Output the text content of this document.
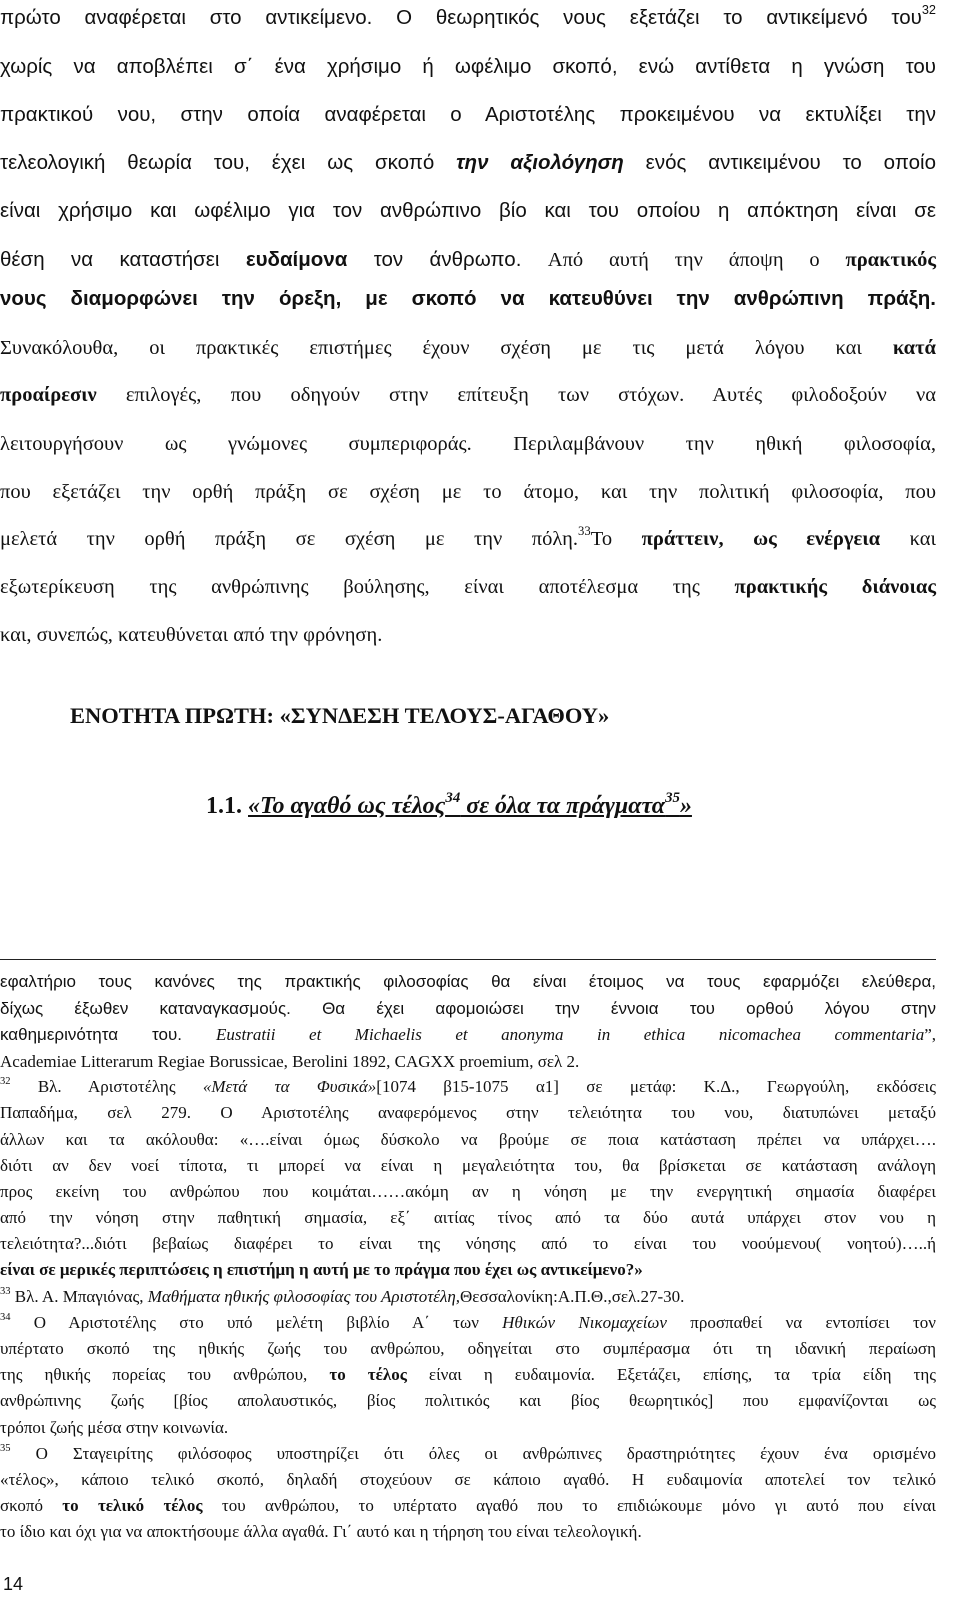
πρώτο αναφέρεται στο αντικείμενο. Ο θεωρητικός νους εξετάζει το αντικείμενό του$^{32}$
χωρίς να αποβλέπει σ΄ ένα χρήσιμο ή ωφέλιμο σκοπό, ενώ αντίθετα η γνώση του
πρακτικού νου, στην οποία αναφέρεται ο Αριστοτέλης προκειμένου να εκτυλίξει την
τελεολογική θεωρία του, έχει ως σκοπό την αξιολόγηση ενός αντικειμένου το οποίο
είναι χρήσιμο και ωφέλιμο για τον ανθρώπινο βίο και του οποίου η απόκτηση είναι σε
θέση να καταστήσει ευδαίμονα τον άνθρωπο. Από αυτή την άποψη ο πρακτικός
νους διαμορφώνει την όρεξη, με σκοπό να κατευθύνει την ανθρώπινη πράξη.
Συνακόλουθα, οι πρακτικές επιστήμες έχουν σχέση με τις μετά λόγου και κατά
προαίρεσιν επιλογές, που οδηγούν στην επίτευξη των στόχων. Αυτές φιλοδοξούν να
λειτουργήσουν ως γνώμονες συμπεριφοράς. Περιλαμβάνουν την ηθική φιλοσοφία,
που εξετάζει την ορθή πράξη σε σχέση με το άτομο, και την πολιτική φιλοσοφία, που
μελετά την ορθή πράξη σε σχέση με την πόλη.$^{33}$Το πράττειν, ως ενέργεια και
εξωτερίκευση της ανθρώπινης βούλησης, είναι αποτέλεσμα της πρακτικής διάνοιας
και, συνεπώς, κατευθύνεται από την φρόνηση.
ΕΝΟΤΗΤΑ ΠΡΩΤΗ: «ΣΥΝΔΕΣΗ ΤΕΛΟΥΣ-ΑΓΑΘΟΥ»
1.1. «Το αγαθό ως τέλος$^{34}$ σε όλα τα πράγματα$^{35}$»
εφαλτήριο τους κανόνες της πρακτικής φιλοσοφίας θα είναι έτοιμος να τους εφαρμόζει ελεύθερα,
δίχως έξωθεν καταναγκασμούς. Θα έχει αφομοιώσει την έννοια του ορθού λόγου στην
καθημερινότητα του. Eustratii et Michaelis et anonyma in ethica nicomachea commentaria”,
Academiae Litterarum Regiae Borussicae, Berolini 1892, CAGXX proemium, σελ 2.
$^{32}$ Βλ. Αριστοτέλης «Μετά τα Φυσικά»[1074 β15-1075 α1] σε μετάφ: Κ.Δ., Γεωργούλη, εκδόσεις
Παπαδήμα, σελ 279. Ο Αριστοτέλης αναφερόμενος στην τελειότητα του νου, διατυπώνει μεταξύ
άλλων και τα ακόλουθα: «….είναι όμως δύσκολο να βρούμε σε ποια κατάσταση πρέπει να υπάρχει….
διότι αν δεν νοεί τίποτα, τι μπορεί να είναι η μεγαλειότητα του, θα βρίσκεται σε κατάσταση ανάλογη
προς εκείνη του ανθρώπου που κοιμάται……ακόμη αν η νόηση με την ενεργητική σημασία διαφέρει
από την νόηση στην παθητική σημασία, εξ΄ αιτίας τίνος από τα δύο αυτά υπάρχει στον νου η
τελειότητα?...διότι βεβαίως διαφέρει το είναι της νόησης από το είναι του νοούμενου( νοητού)…..ή
είναι σε μερικές περιπτώσεις η επιστήμη η αυτή με το πράγμα που έχει ως αντικείμενο?»
$^{33}$ Βλ. Α. Μπαγιόνας, Μαθήματα ηθικής φιλοσοφίας του Αριστοτέλη,Θεσσαλονίκη:Α.Π.Θ.,σελ.27-30.
$^{34}$ Ο Αριστοτέλης στο υπό μελέτη βιβλίο Α΄ των Ηθικών Νικομαχείων προσπαθεί να εντοπίσει τον
υπέρτατο σκοπό της ηθικής ζωής του ανθρώπου, οδηγείται στο συμπέρασμα ότι τη ιδανική περαίωση
της ηθικής πορείας του ανθρώπου, το τέλος είναι η ευδαιμονία. Εξετάζει, επίσης, τα τρία είδη της
ανθρώπινης ζωής [βίος απολαυστικός, βίος πολιτικός και βίος θεωρητικός] που εμφανίζονται ως
τρόποι ζωής μέσα στην κοινωνία.
$^{35}$ Ο Σταγειρίτης φιλόσοφος υποστηρίζει ότι όλες οι ανθρώπινες δραστηριότητες έχουν ένα ορισμένο
«τέλος», κάποιο τελικό σκοπό, δηλαδή στοχεύουν σε κάποιο αγαθό. Η ευδαιμονία αποτελεί τον τελικό
σκοπό το τελικό τέλος του ανθρώπου, το υπέρτατο αγαθό που το επιδιώκουμε μόνο γι αυτό που είναι
το ίδιο και όχι για να αποκτήσουμε άλλα αγαθά. Γι΄ αυτό και η τήρηση του είναι τελεολογική.
14
